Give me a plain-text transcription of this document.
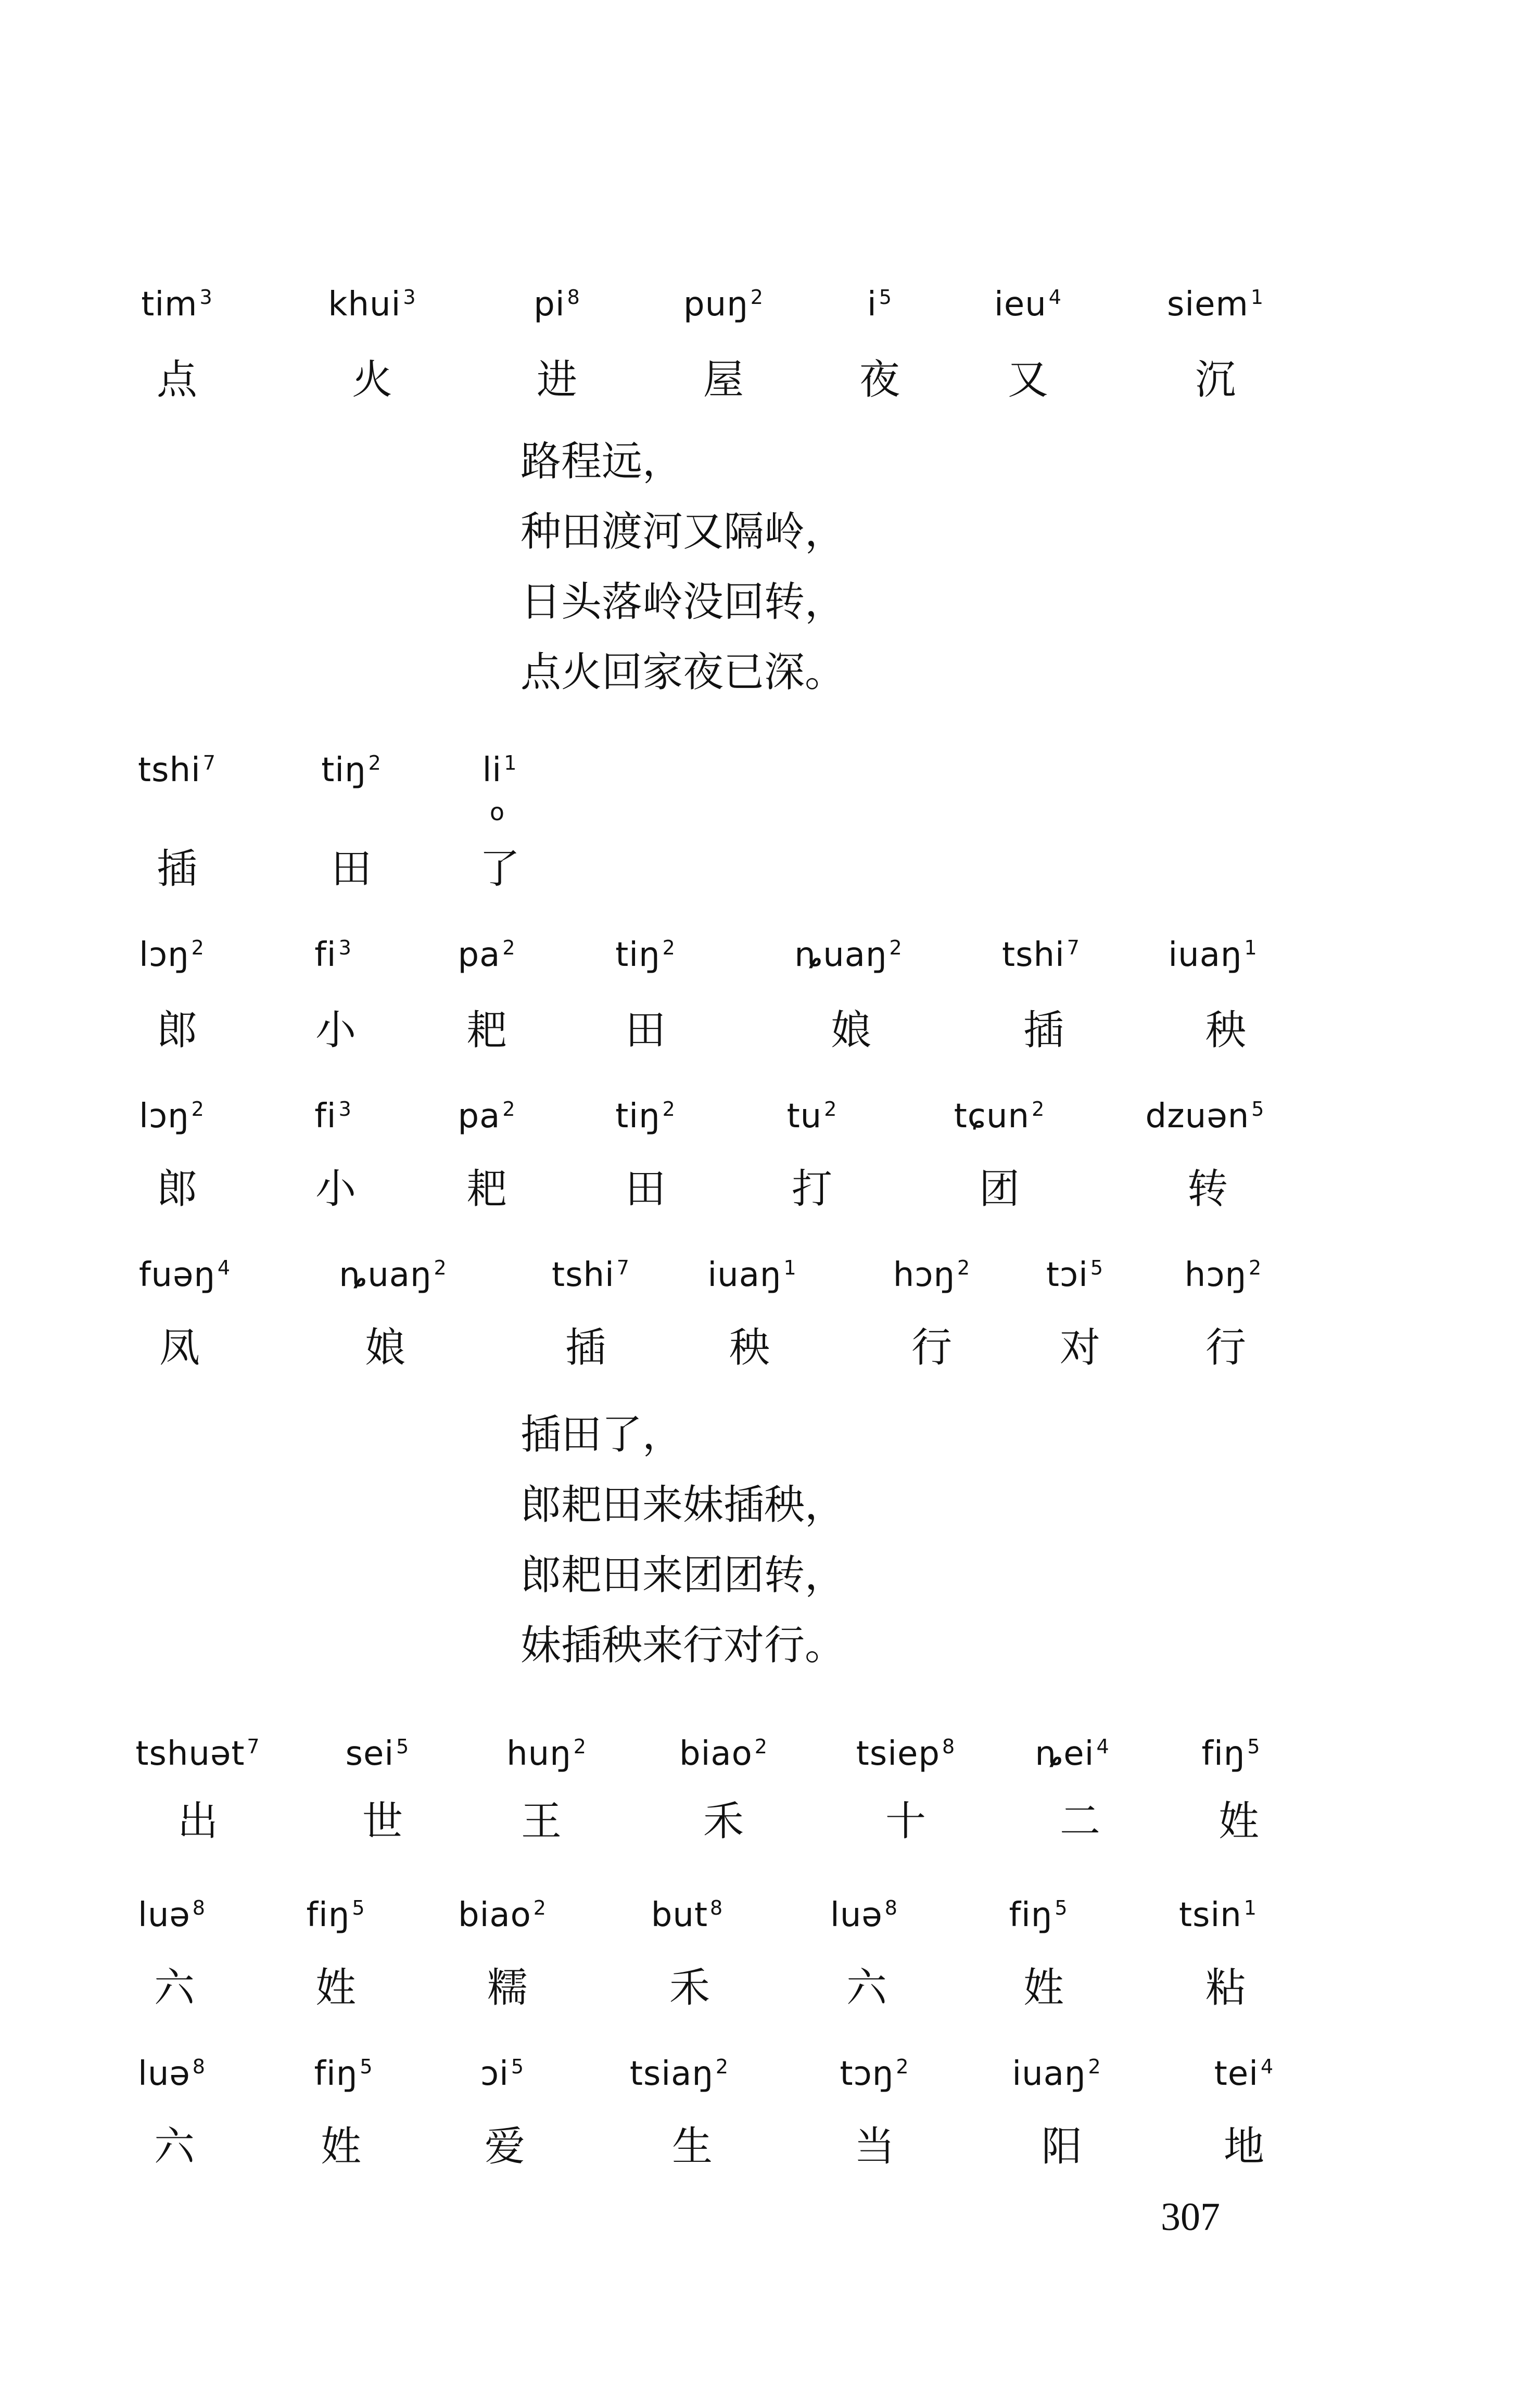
tim $^3$	khui $^3$	pi $^8$	puŋ $^2$	i $^5$	ieu $^4$	siem $^1$
点	火	进	屋	夜	又	沉
路程远，
种田渡河又隔岭，
日头落岭没回转，
点火回家夜已深。
tshi $^7$	tiŋ $^2$	li $^1$
o
插	田	了
lɔŋ $^2$	fi $^3$	pa $^2$	tiŋ $^2$	ȵuaŋ $^2$	tshi $^7$	iuaŋ $^1$
郎	小	耙	田	娘	插	秧
lɔŋ $^2$	fi $^3$	pa $^2$	tiŋ $^2$	tu $^2$	tɕun $^2$	dzuən $^5$
郎	小	耙	田	打	团	转
fuəŋ $^4$	ȵuaŋ $^2$	tshi $^7$ iuaŋ $^1$	hɔŋ $^2$ tɔi $^5$ hɔŋ $^2$
凤	娘	插	秧	行	对	行
插田了，
郎耙田来妹插秧，
郎耙田来团团转，
妹插秧来行对行。
tshuət $^7$	sei $^5$	huŋ $^2$	biao $^2$	tsiep $^8$ ȵei $^4$	fiŋ $^5$
出	世	王	禾	十	二	姓
luə $^8$	fiŋ $^5$	biao $^2$	but $^8$	luə $^8$	fiŋ $^5$	tsin $^1$
六	姓	糯	禾	六	姓	粘
luə $^8$	fiŋ $^5$	ɔi $^5$	tsiaŋ $^2$	tɔŋ $^2$	iuaŋ $^2$	tei $^4$
六	姓	爱	生	当	阳	地
307
